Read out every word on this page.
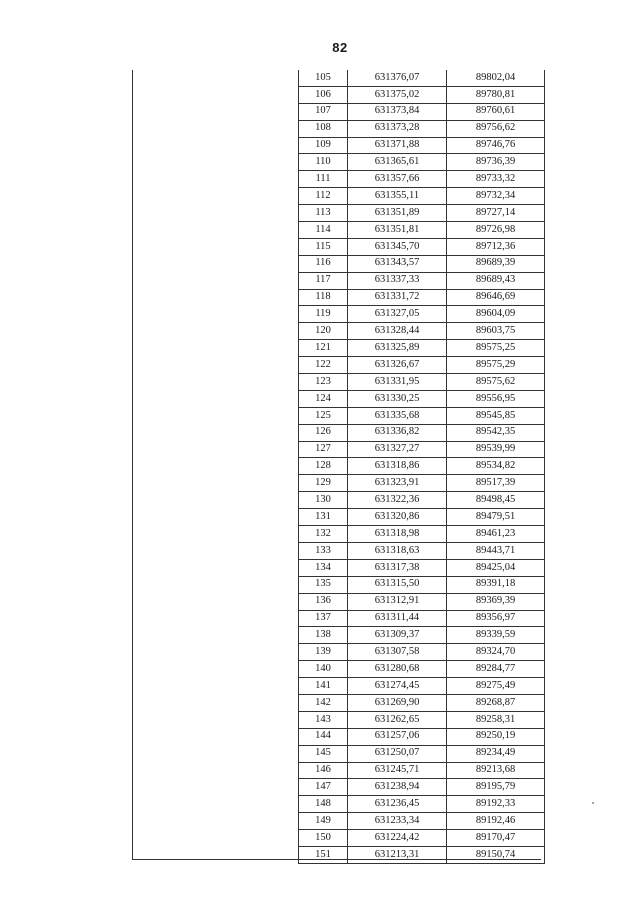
82
105	631376,07	89802,04
106	631375,02	89780,81
107	631373,84	89760,61
108	631373,28	89756,62
109	631371,88	89746,76
110	631365,61	89736,39
111	631357,66	89733,32
112	631355,11	89732,34
113	631351,89	89727,14
114	631351,81	89726,98
115	631345,70	89712,36
116	631343,57	89689,39
117	631337,33	89689,43
118	631331,72	89646,69
119	631327,05	89604,09
120	631328,44	89603,75
121	631325,89	89575,25
122	631326,67	89575,29
123	631331,95	89575,62
124	631330,25	89556,95
125	631335,68	89545,85
126	631336,82	89542,35
127	631327,27	89539,99
128	631318,86	89534,82
129	631323,91	89517,39
130	631322,36	89498,45
131	631320,86	89479,51
132	631318,98	89461,23
133	631318,63	89443,71
134	631317,38	89425,04
135	631315,50	89391,18
136	631312,91	89369,39
137	631311,44	89356,97
138	631309,37	89339,59
139	631307,58	89324,70
140	631280,68	89284,77
141	631274,45	89275,49
142	631269,90	89268,87
143	631262,65	89258,31
144	631257,06	89250,19
145	631250,07	89234,49
146	631245,71	89213,68
147	631238,94	89195,79
148	631236,45	89192,33
149	631233,34	89192,46
150	631224,42	89170,47
151	631213,31	89150,74
